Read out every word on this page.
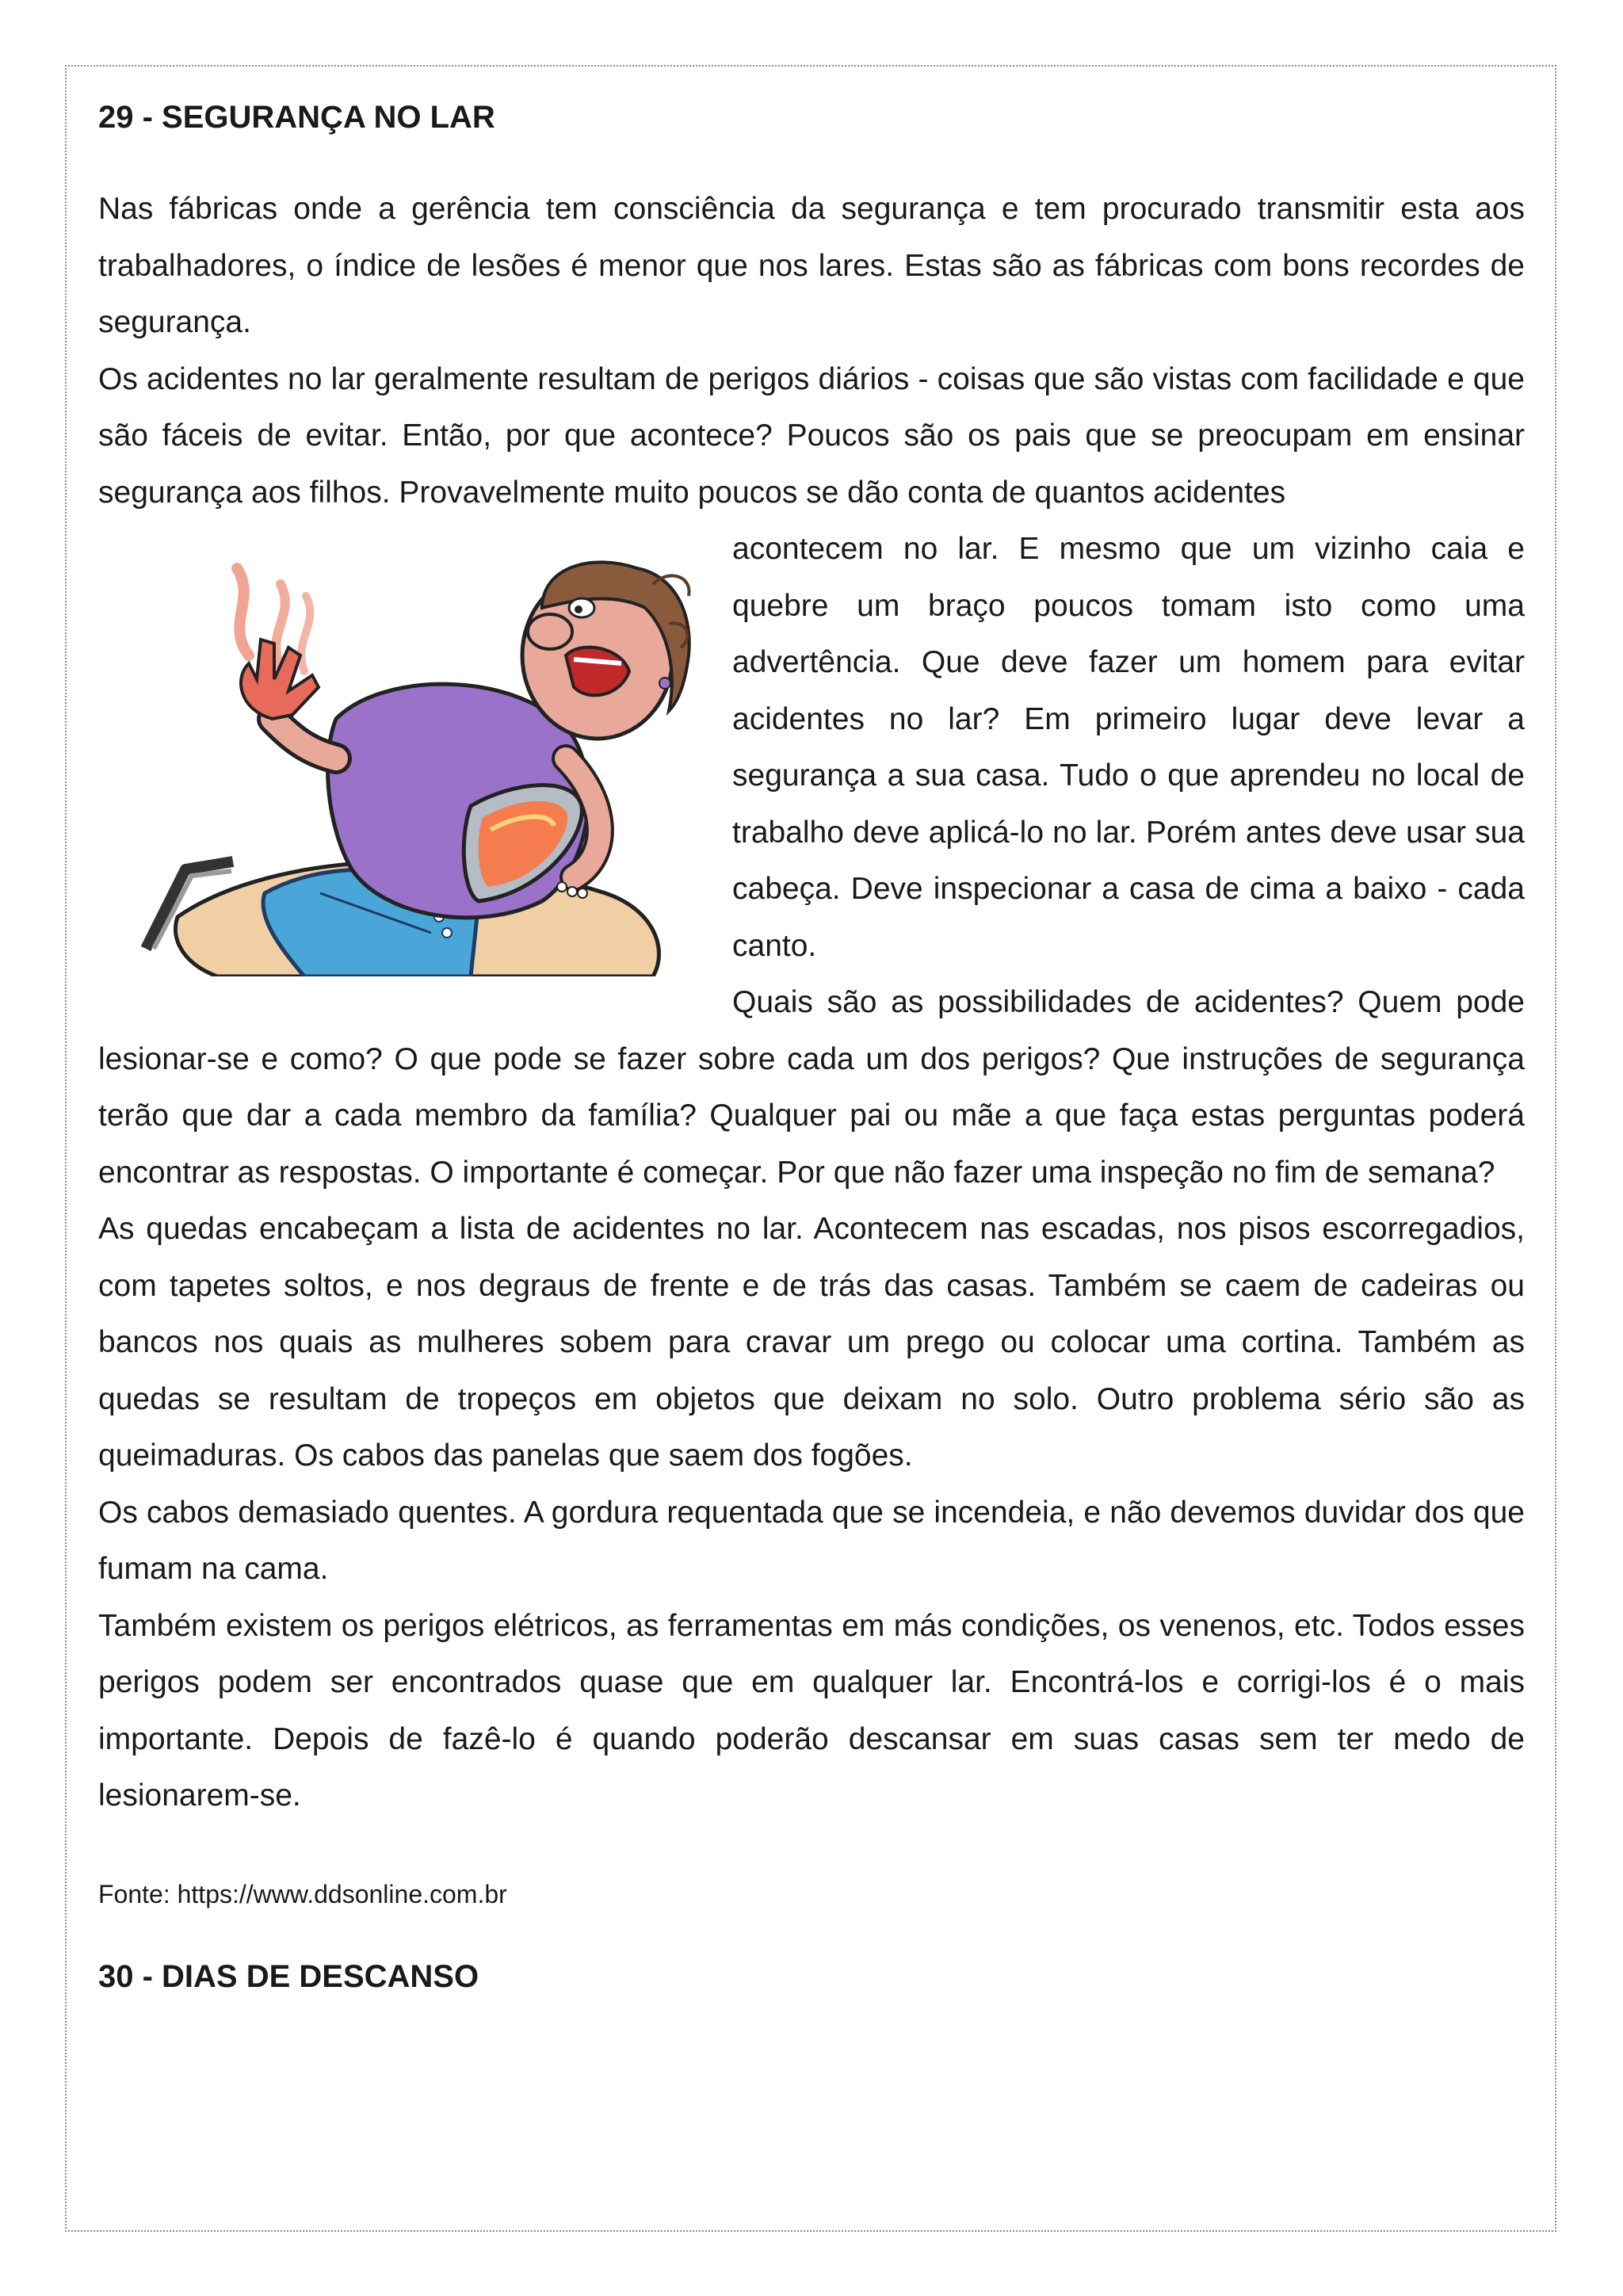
29 - SEGURANÇA NO LAR

Nas fábricas onde a gerência tem consciência da segurança e tem procurado transmitir esta aos trabalhadores, o índice de lesões é menor que nos lares. Estas são as fábricas com bons recordes de segurança.

Os acidentes no lar geralmente resultam de perigos diários - coisas que são vistas com facilidade e que são fáceis de evitar. Então, por que acontece? Poucos são os pais que se preocupam em ensinar segurança aos filhos. Provavelmente muito poucos se dão conta de quantos acidentes

acontecem no lar. E mesmo que um vizinho caia e quebre um braço poucos tomam isto como uma advertência. Que deve fazer um homem para evitar acidentes no lar? Em primeiro lugar deve levar a segurança a sua casa. Tudo o que aprendeu no local de trabalho deve aplicá-lo no lar. Porém antes deve usar sua cabeça. Deve inspecionar a casa de cima a baixo - cada canto.

Quais são as possibilidades de acidentes? Quem pode lesionar-se e como? O que pode se fazer sobre cada um dos perigos? Que instruções de segurança terão que dar a cada membro da família? Qualquer pai ou mãe a que faça estas perguntas poderá encontrar as respostas. O importante é começar. Por que não fazer uma inspeção no fim de semana?

As quedas encabeçam a lista de acidentes no lar. Acontecem nas escadas, nos pisos escorregadios, com tapetes soltos, e nos degraus de frente e de trás das casas. Também se caem de cadeiras ou bancos nos quais as mulheres sobem para cravar um prego ou colocar uma cortina. Também as quedas se resultam de tropeços em objetos que deixam no solo. Outro problema sério são as queimaduras. Os cabos das panelas que saem dos fogões.

Os cabos demasiado quentes. A gordura requentada que se incendeia, e não devemos duvidar dos que fumam na cama.

Também existem os perigos elétricos, as ferramentas em más condições, os venenos, etc. Todos esses perigos podem ser encontrados quase que em qualquer lar. Encontrá-los e corrigi-los é o mais importante. Depois de fazê-lo é quando poderão descansar em suas casas sem ter medo de lesionarem-se.

Fonte: https://www.ddsonline.com.br

30 - DIAS DE DESCANSO
